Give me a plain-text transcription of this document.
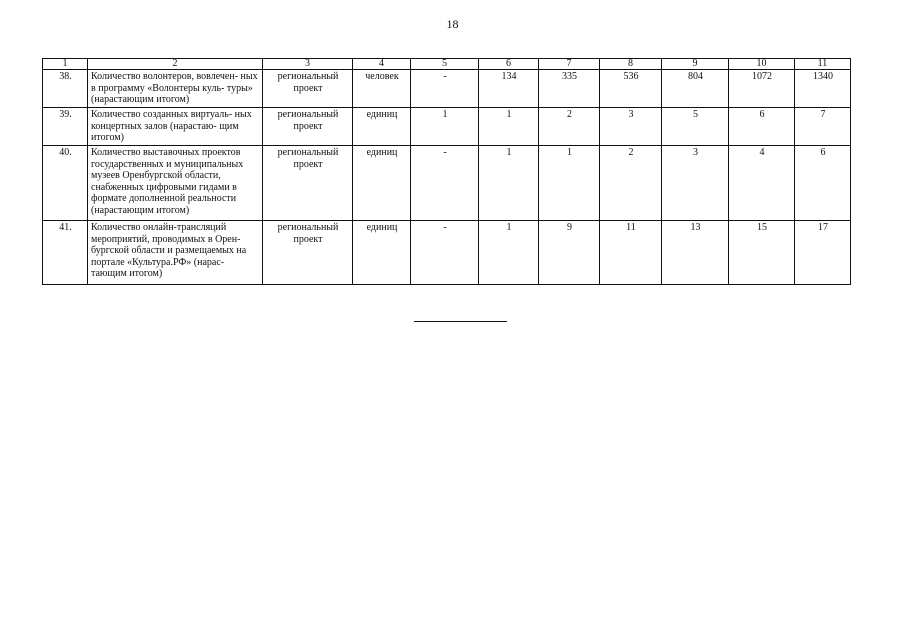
18
1	2	3	4	5	6	7	8	9	10	11
38.	Количество волонтеров, вовлечен- ных в программу «Волонтеры куль- туры» (нарастающим итогом)	региональный проект	человек	-	134	335	536	804	1072	1340
39.	Количество созданных виртуаль- ных концертных залов (нарастаю- щим итогом)	региональный проект	единиц	1	1	2	3	5	6	7
40.	Количество выставочных проектов государственных и муниципальных музеев Оренбургской области, снабженных цифровыми гидами в формате дополненной реальности (нарастающим итогом)	региональный проект	единиц	-	1	1	2	3	4	6
41.	Количество онлайн-трансляций мероприятий, проводимых в Орен- бургской области и размещаемых на портале «Культура.РФ» (нарас- тающим итогом)	региональный проект	единиц	-	1	9	11	13	15	17
